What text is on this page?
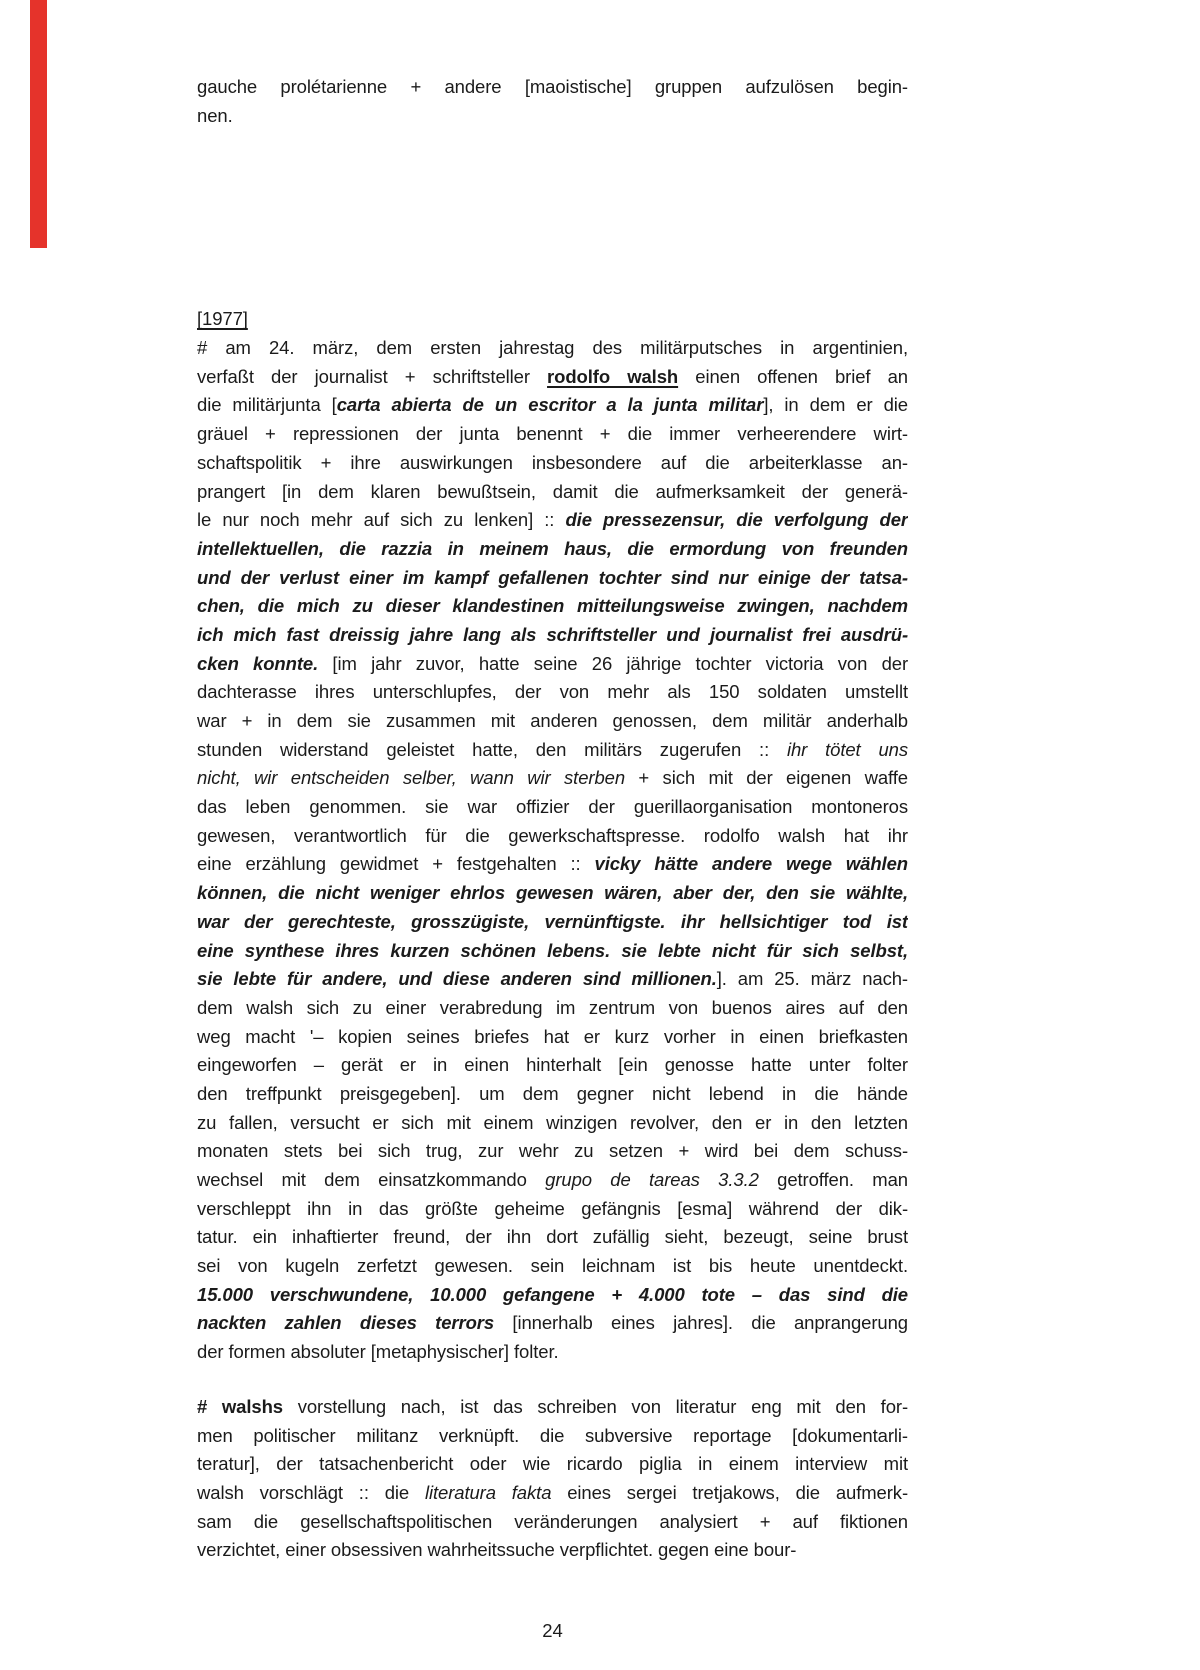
gauche prolétarienne + andere [maoistische] gruppen aufzulösen begin-
nen.
[1977]
# am 24. märz, dem ersten jahrestag des militärputsches in argentinien,
verfaßt der journalist + schriftsteller rodolfo walsh einen offenen brief an
die militärjunta [carta abierta de un escritor a la junta militar], in dem er die
gräuel + repressionen der junta benennt + die immer verheerendere wirt-
schaftspolitik + ihre auswirkungen insbesondere auf die arbeiterklasse an-
prangert [in dem klaren bewußtsein, damit die aufmerksamkeit der generä-
le nur noch mehr auf sich zu lenken] :: die pressezensur, die verfolgung der
intellektuellen, die razzia in meinem haus, die ermordung von freunden
und der verlust einer im kampf gefallenen tochter sind nur einige der tatsa-
chen, die mich zu dieser klandestinen mitteilungsweise zwingen, nachdem
ich mich fast dreissig jahre lang als schriftsteller und journalist frei ausdrü-
cken konnte. [im jahr zuvor, hatte seine 26 jährige tochter victoria von der
dachterasse ihres unterschlupfes, der von mehr als 150 soldaten umstellt
war + in dem sie zusammen mit anderen genossen, dem militär anderhalb
stunden widerstand geleistet hatte, den militärs zugerufen :: ihr tötet uns
nicht, wir entscheiden selber, wann wir sterben + sich mit der eigenen waffe
das leben genommen. sie war offizier der guerillaorganisation montoneros
gewesen, verantwortlich für die gewerkschaftspresse. rodolfo walsh hat ihr
eine erzählung gewidmet + festgehalten :: vicky hätte andere wege wählen
können, die nicht weniger ehrlos gewesen wären, aber der, den sie wählte,
war der gerechteste, grosszügiste, vernünftigste. ihr hellsichtiger tod ist
eine synthese ihres kurzen schönen lebens. sie lebte nicht für sich selbst,
sie lebte für andere, und diese anderen sind millionen.]. am 25. märz nach-
dem walsh sich zu einer verabredung im zentrum von buenos aires auf den
weg macht '– kopien seines briefes hat er kurz vorher in einen briefkasten
eingeworfen – gerät er in einen hinterhalt [ein genosse hatte unter folter
den treffpunkt preisgegeben]. um dem gegner nicht lebend in die hände
zu fallen, versucht er sich mit einem winzigen revolver, den er in den letzten
monaten stets bei sich trug, zur wehr zu setzen + wird bei dem schuss-
wechsel mit dem einsatzkommando grupo de tareas 3.3.2 getroffen. man
verschleppt ihn in das größte geheime gefängnis [esma] während der dik-
tatur. ein inhaftierter freund, der ihn dort zufällig sieht, bezeugt, seine brust
sei von kugeln zerfetzt gewesen. sein leichnam ist bis heute unentdeckt.
15.000 verschwundene, 10.000 gefangene + 4.000 tote – das sind die
nackten zahlen dieses terrors [innerhalb eines jahres]. die anprangerung
der formen absoluter [metaphysischer] folter.
# walshs vorstellung nach, ist das schreiben von literatur eng mit den for-
men politischer militanz verknüpft. die subversive reportage [dokumentarli-
teratur], der tatsachenbericht oder wie ricardo piglia in einem interview mit
walsh vorschlägt :: die literatura fakta eines sergei tretjakows, die aufmerk-
sam die gesellschaftspolitischen veränderungen analysiert + auf fiktionen
verzichtet, einer obsessiven wahrheitssuche verpflichtet. gegen eine bour-
24
